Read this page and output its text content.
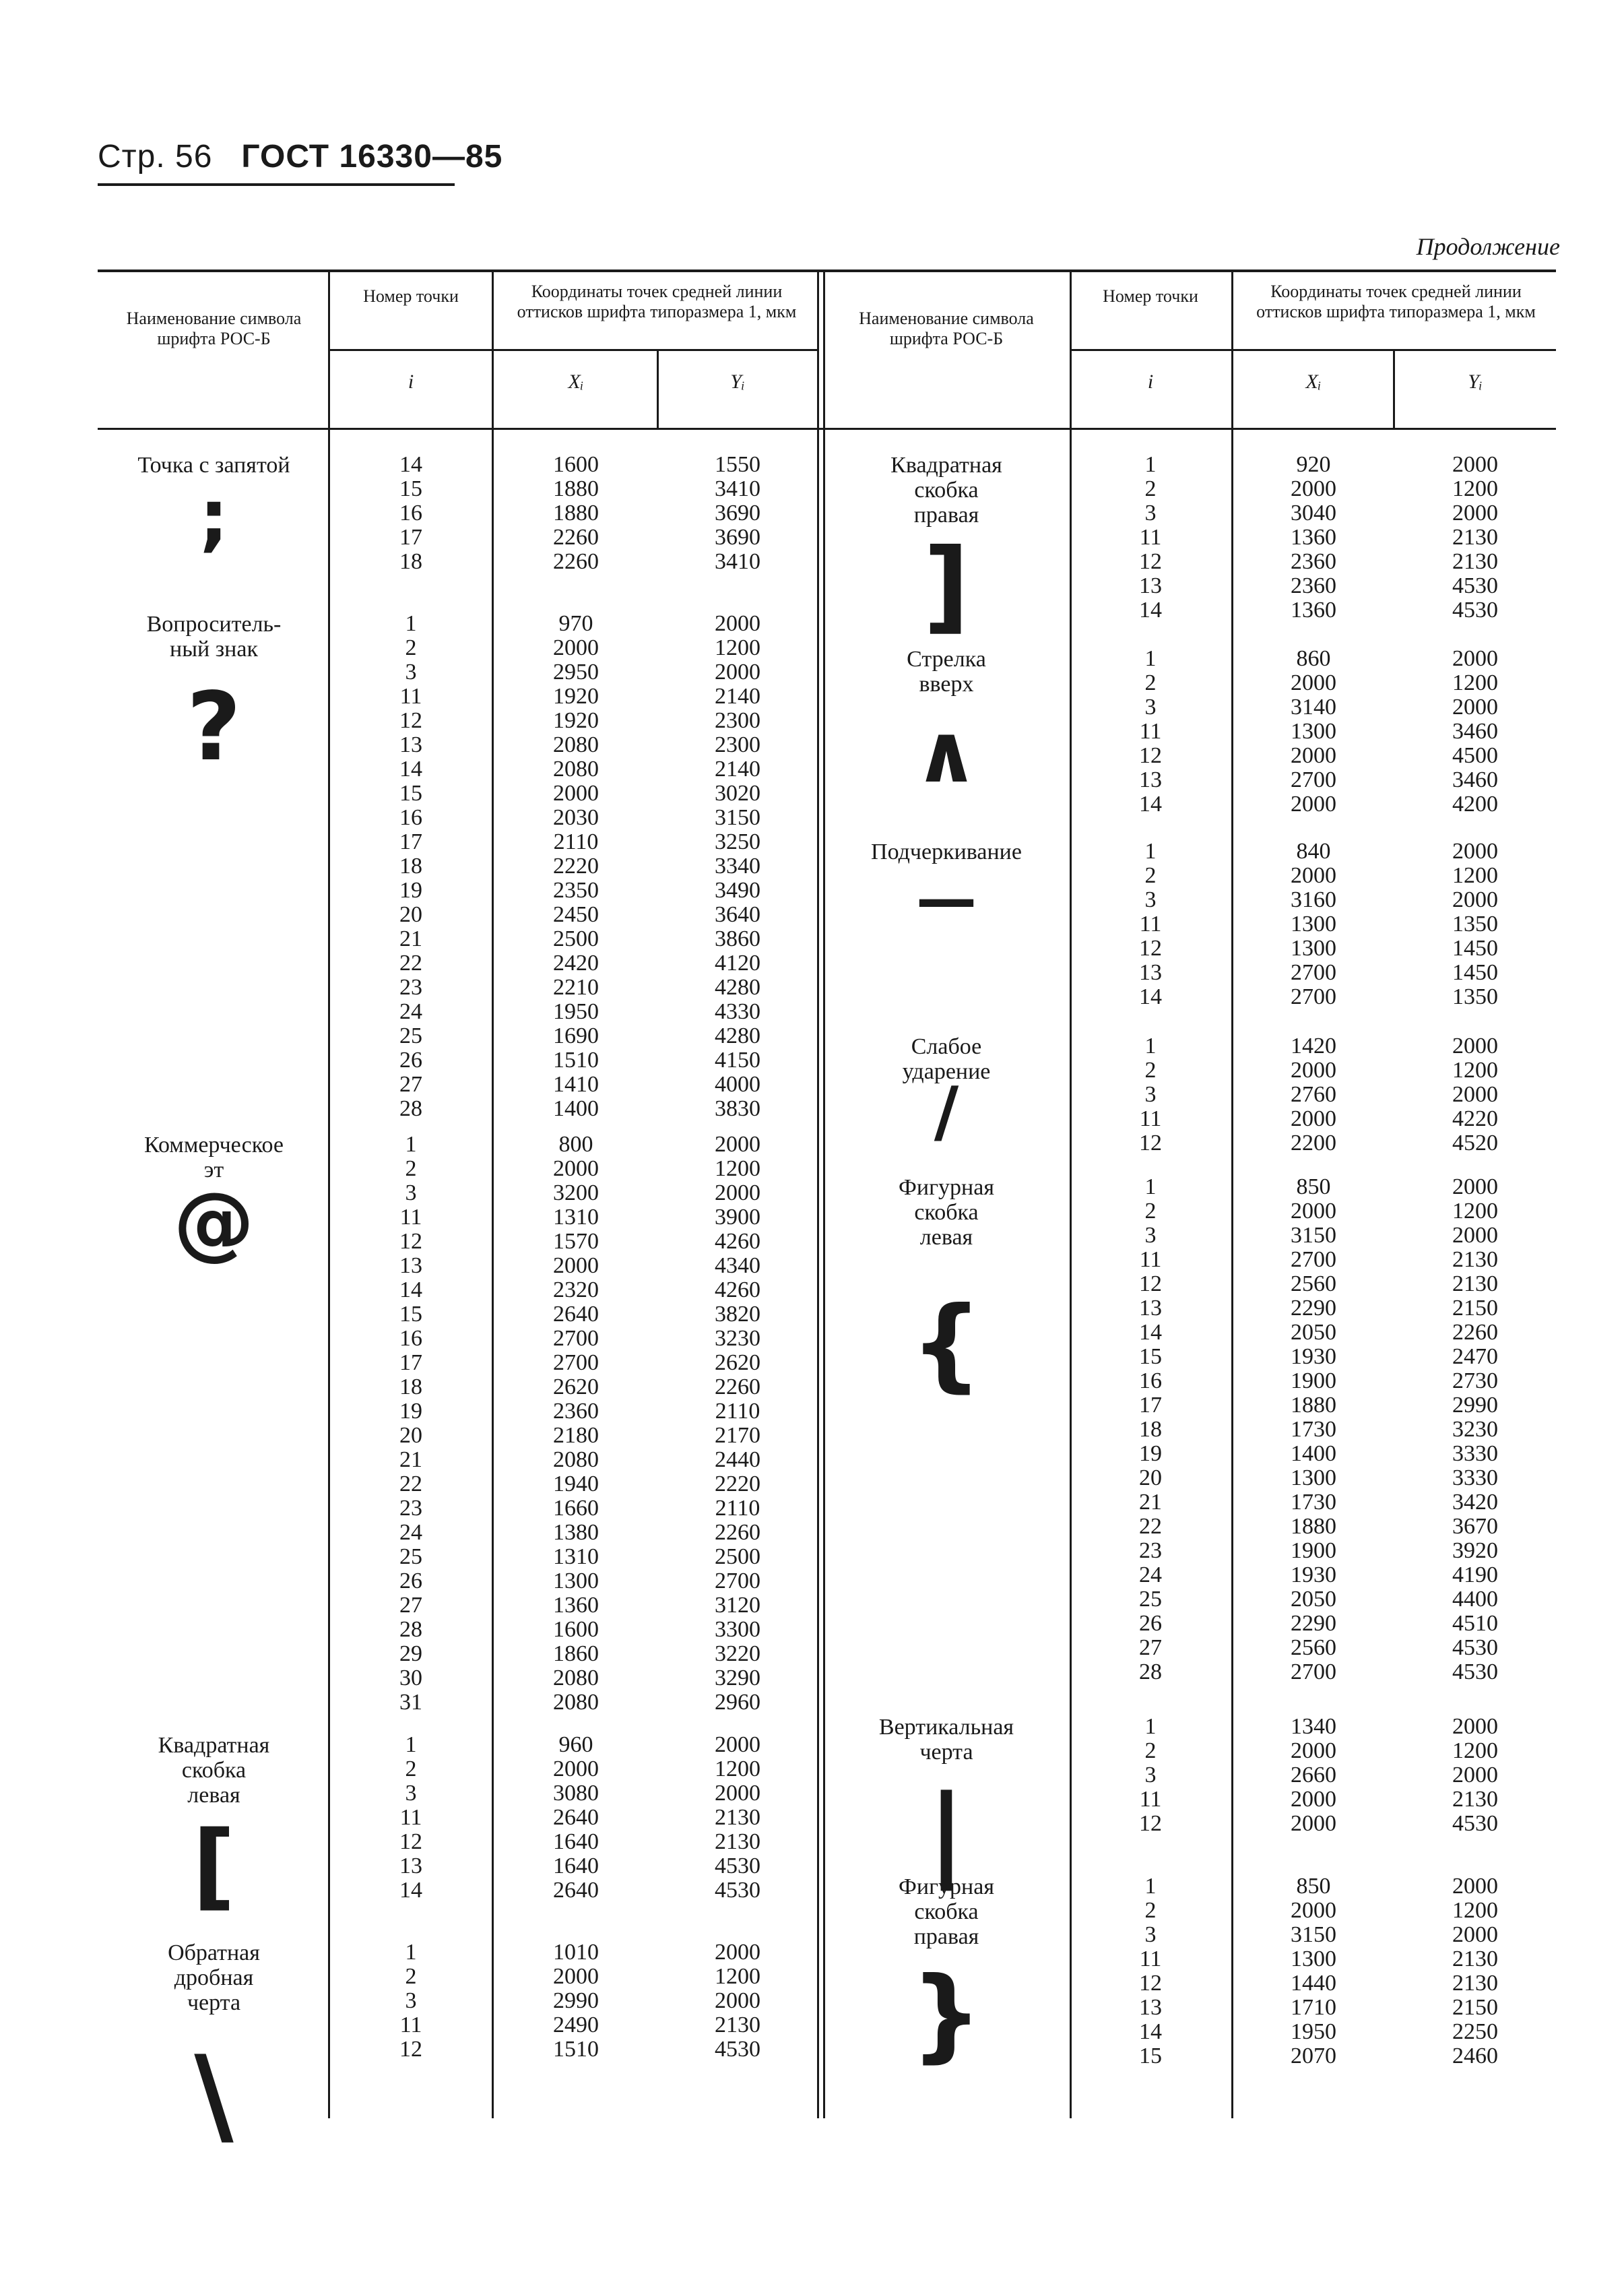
Стр. 56 ГОСТ 16330—85
Продолжение
Наименование символа шрифта РОС-Б
Номер точки	Координаты точек средней линии оттисков шрифта типоразмера 1, мкм
i	Xᵢ	Yᵢ
Наименование символа шрифта РОС-Б
Номер точки	Координаты точек средней линии оттисков шрифта типоразмера 1, мкм
i	Xᵢ	Yᵢ
Точка с запятой
;
14	1600	1550
15	1880	3410
16	1880	3690
17	2260	3690
18	2260	3410
Вопроситель-
ный знак
?
1	970	2000
2	2000	1200
3	2950	2000
11	1920	2140
12	1920	2300
13	2080	2300
14	2080	2140
15	2000	3020
16	2030	3150
17	2110	3250
18	2220	3340
19	2350	3490
20	2450	3640
21	2500	3860
22	2420	4120
23	2210	4280
24	1950	4330
25	1690	4280
26	1510	4150
27	1410	4000
28	1400	3830
Коммерческое
эт
@
1	800	2000
2	2000	1200
3	3200	2000
11	1310	3900
12	1570	4260
13	2000	4340
14	2320	4260
15	2640	3820
16	2700	3230
17	2700	2620
18	2620	2260
19	2360	2110
20	2180	2170
21	2080	2440
22	1940	2220
23	1660	2110
24	1380	2260
25	1310	2500
26	1300	2700
27	1360	3120
28	1600	3300
29	1860	3220
30	2080	3290
31	2080	2960
Квадратная
скобка
левая
[
1	960	2000
2	2000	1200
3	3080	2000
11	2640	2130
12	1640	2130
13	1640	4530
14	2640	4530
Обратная
дробная
черта
\
1	1010	2000
2	2000	1200
3	2990	2000
11	2490	2130
12	1510	4530
Квадратная
скобка
правая
]
1	920	2000
2	2000	1200
3	3040	2000
11	1360	2130
12	2360	2130
13	2360	4530
14	1360	4530
Стрелка
вверх
∧
1	860	2000
2	2000	1200
3	3140	2000
11	1300	3460
12	2000	4500
13	2700	3460
14	2000	4200
Подчеркивание
—
1	840	2000
2	2000	1200
3	3160	2000
11	1300	1350
12	1300	1450
13	2700	1450
14	2700	1350
Слабое
ударение
/
1	1420	2000
2	2000	1200
3	2760	2000
11	2000	4220
12	2200	4520
Фигурная
скобка
левая
{
1	850	2000
2	2000	1200
3	3150	2000
11	2700	2130
12	2560	2130
13	2290	2150
14	2050	2260
15	1930	2470
16	1900	2730
17	1880	2990
18	1730	3230
19	1400	3330
20	1300	3330
21	1730	3420
22	1880	3670
23	1900	3920
24	1930	4190
25	2050	4400
26	2290	4510
27	2560	4530
28	2700	4530
Вертикальная
черта
|
1	1340	2000
2	2000	1200
3	2660	2000
11	2000	2130
12	2000	4530
Фигурная
скобка
правая
}
1	850	2000
2	2000	1200
3	3150	2000
11	1300	2130
12	1440	2130
13	1710	2150
14	1950	2250
15	2070	2460
